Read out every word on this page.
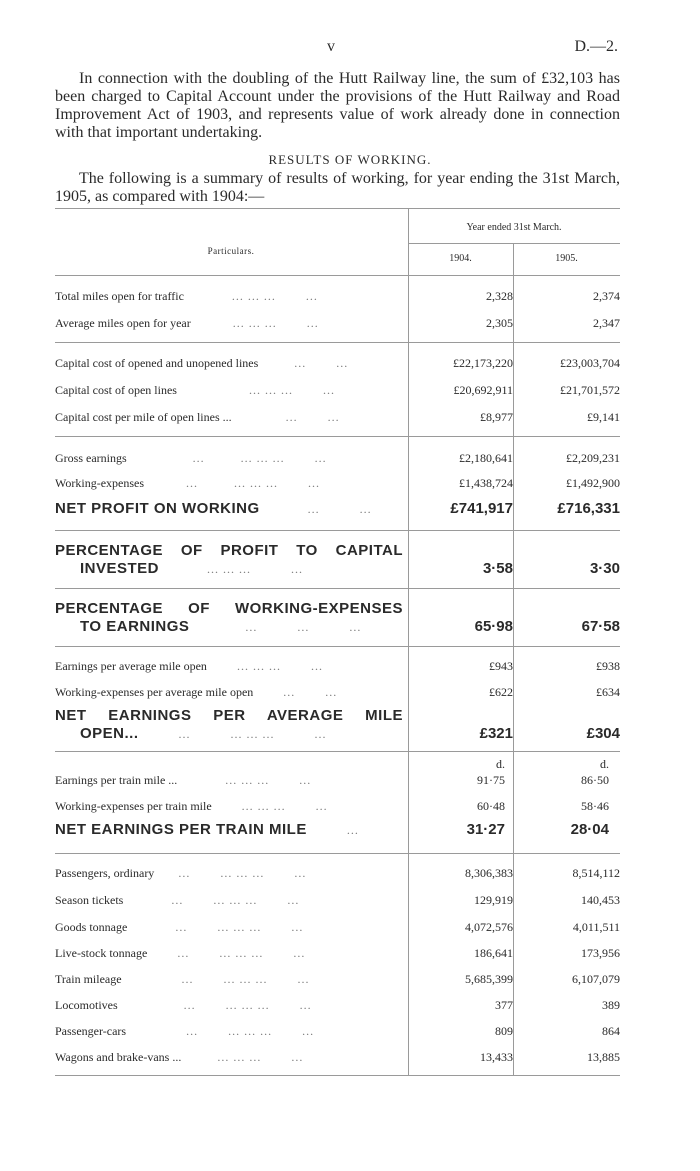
v	D.—2.

  In connection with the doubling of the Hutt Railway line, the sum of £32,103 has been charged to Capital Account under the provisions of the Hutt Railway and Road Improvement Act of 1903, and represents value of work already done in connection with that important undertaking.

RESULTS OF WORKING.

  The following is a summary of results of working, for year ending the 31st March, 1905, as compared with 1904:—

Particulars.
Year ended 31st March.
1904.	1905.
Total miles open for traffic        	... ... ...     	...	2,328	2,374
Average miles open for year       	... ... ...     	...	2,305	2,347
Capital cost of opened and unopened lines      	...     	...	£22,173,220	£23,003,704
Capital cost of open lines            	... ... ...     	...	£20,692,911	£21,701,572
Capital cost per mile of open lines ...         	...     	...	£8,977	£9,141
Gross earnings           	...      	... ... ...     	...	£2,180,641	£2,209,231
Working-expenses       	...      	... ... ...     	...	£1,438,724	£1,492,900
NET PROFIT ON WORKING      	...     	...	£741,917	£716,331
PERCENTAGE OF PROFIT TO CAPITAL
INVESTED      	... ... ...     	...	3·58	3·30
PERCENTAGE OF WORKING-EXPENSES
TO EARNINGS       	...     	...     	...	65·98	67·58
Earnings per average mile open     	... ... ...     	...	£943	£938
Working-expenses per average mile open     	...     	...	£622	£634
NET EARNINGS PER AVERAGE MILE
OPEN...     	...     	... ... ...     	...	£321	£304
d.	d.
Earnings per train mile ...        	... ... ...     	...	91·75	86·50
Working-expenses per train mile     	... ... ...     	...	60·48	58·46
NET EARNINGS PER TRAIN MILE     	...	31·27	28·04
Passengers, ordinary     ...     	... ... ...     	...	8,306,383	8,514,112
Season tickets        	...     	... ... ...     	...	129,919	140,453
Goods tonnage        	...     	... ... ...     	...	4,072,576	4,011,511
Live-stock tonnage     	...     	... ... ...     	...	186,641	173,956
Train mileage          	...     	... ... ...     	...	5,685,399	6,107,079
Locomotives           	...     	... ... ...     	...	377	389
Passenger-cars          	...     	... ... ...     	...	809	864
Wagons and brake-vans ...      	... ... ...     	...	13,433	13,885
